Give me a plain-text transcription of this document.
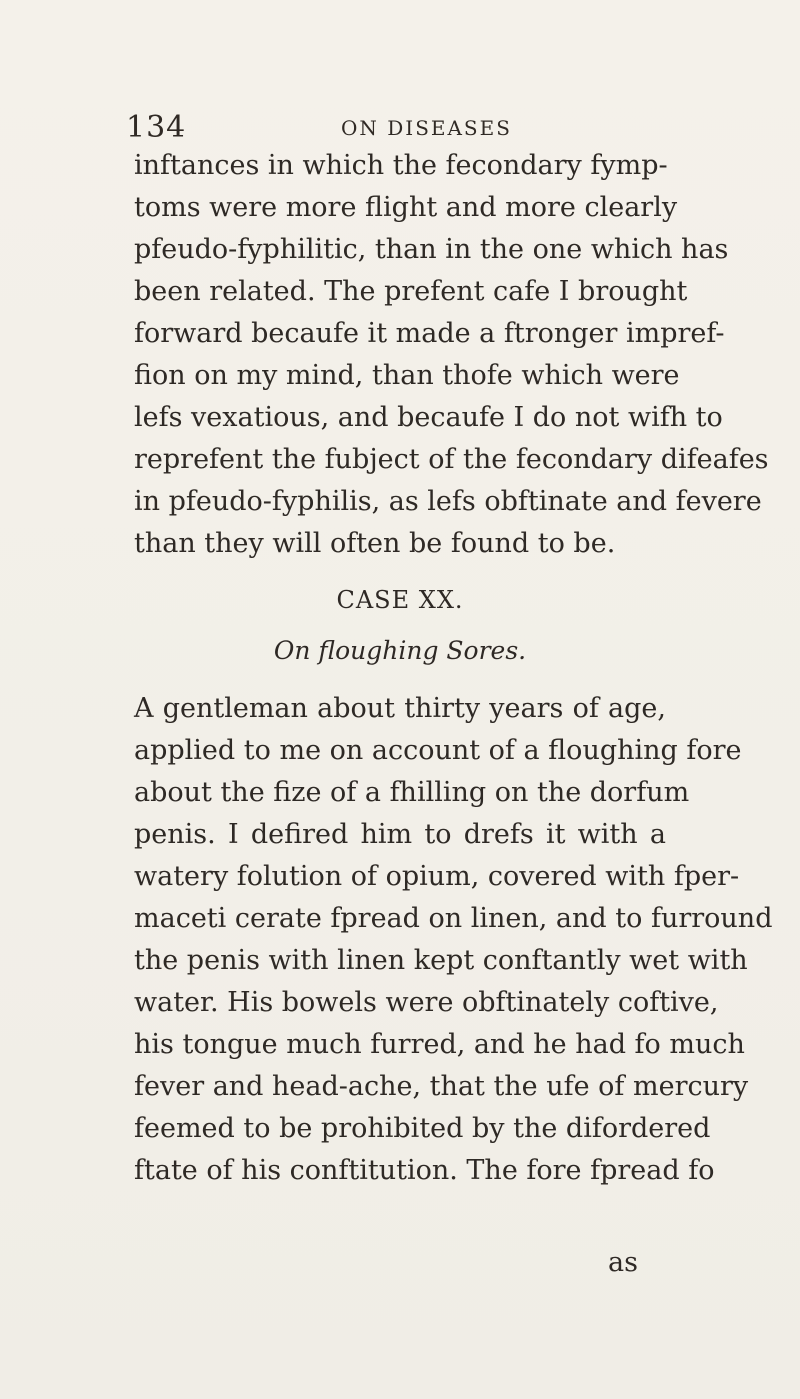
134	ON DISEASES
inftances in which the fecondary fymp-
toms were more flight and more clearly
pfeudo-fyphilitic, than in the one which has
been related. The prefent cafe I brought
forward becaufe it made a ftronger impref-
fion on my mind, than thofe which were
lefs vexatious, and becaufe I do not wifh to
reprefent the fubject of the fecondary difeafes
in pfeudo-fyphilis, as lefs obftinate and fevere
than they will often be found to be.
CASE XX.
On floughing Sores.
A gentleman about thirty years of age,
applied to me on account of a floughing fore
about the fize of a fhilling on the dorfum
penis. I defired him to drefs it with a
watery folution of opium, covered with fper-
maceti cerate fpread on linen, and to furround
the penis with linen kept conftantly wet with
water. His bowels were obftinately coftive,
his tongue much furred, and he had fo much
fever and head-ache, that the ufe of mercury
feemed to be prohibited by the difordered
ftate of his conftitution. The fore fpread fo
as
